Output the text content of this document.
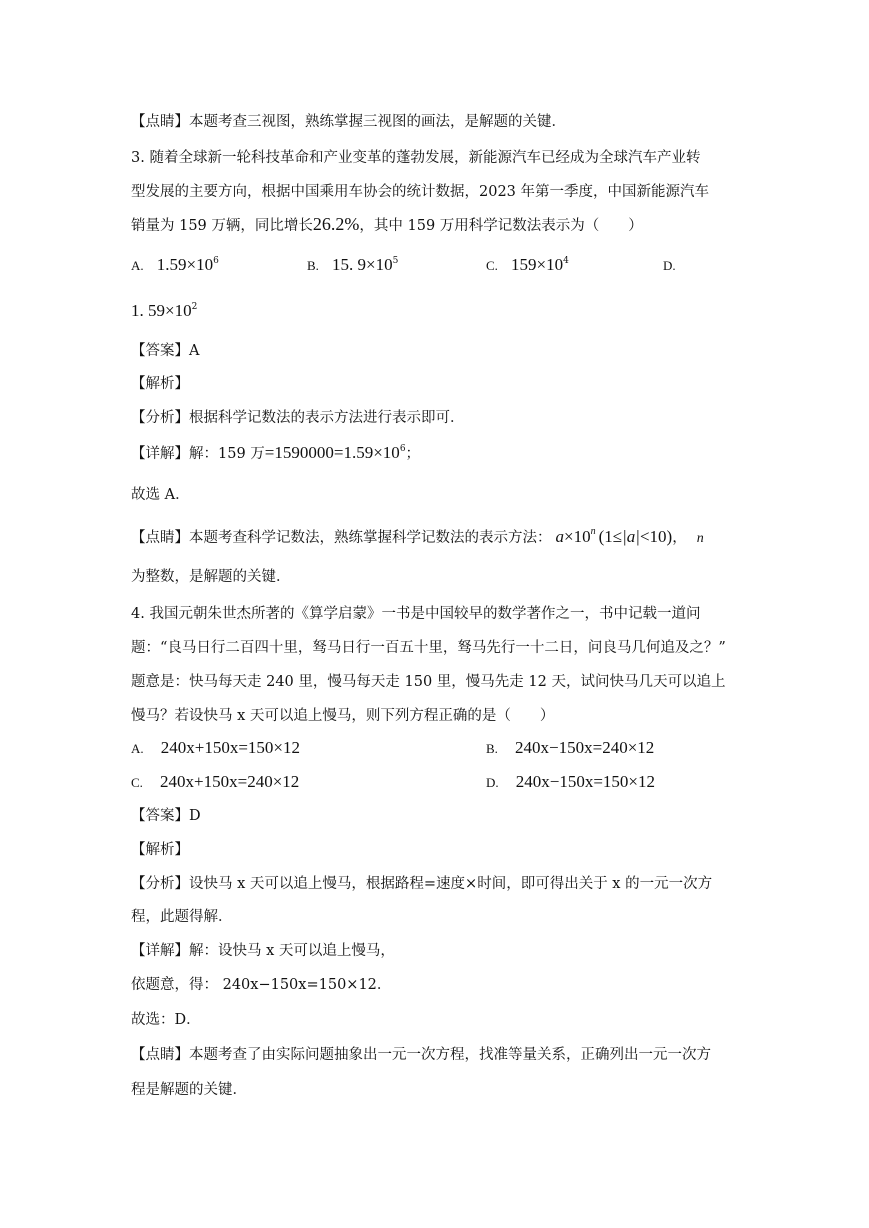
【点睛】本题考查三视图，熟练掌握三视图的画法，是解题的关键．
3. 随着全球新一轮科技革命和产业变革的蓬勃发展，新能源汽车已经成为全球汽车产业转
型发展的主要方向，根据中国乘用车协会的统计数据，2023 年第一季度，中国新能源汽车
销量为 159 万辆，同比增长26.2%，其中 159 万用科学记数法表示为（　　）
A. $1.59\times 10^6$	B. 15. $9\times 10^5$	C. $159\times 10^4$	D.
1. $59\times 10^2$
【答案】A
【解析】
【分析】根据科学记数法的表示方法进行表示即可．
【详解】解：159 万$=1590000=1.59\times 10^6$；
故选 A．
【点睛】本题考查科学记数法，熟练掌握科学记数法的表示方法： $a\times 10^n$ (1≤|a|<10)， n
为整数，是解题的关键．
4. 我国元朝朱世杰所著的《算学启蒙》一书是中国较早的数学著作之一，书中记载一道问
题：“良马日行二百四十里，驽马日行一百五十里，驽马先行一十二日，问良马几何追及之？”
题意是：快马每天走 240 里，慢马每天走 150 里，慢马先走 12 天，试问快马几天可以追上
慢马？若设快马 x 天可以追上慢马，则下列方程正确的是（　　）
A. 240x+150x=150×12	B. 240x−150x=240×12
C. 240x+150x=240×12	D. 240x−150x=150×12
【答案】D
【解析】
【分析】设快马 x 天可以追上慢马，根据路程=速度×时间，即可得出关于 x 的一元一次方
程，此题得解．
【详解】解：设快马 x 天可以追上慢马，
依题意，得： 240x−150x=150×12．
故选：D．
【点睛】本题考查了由实际问题抽象出一元一次方程，找准等量关系，正确列出一元一次方
程是解题的关键．
